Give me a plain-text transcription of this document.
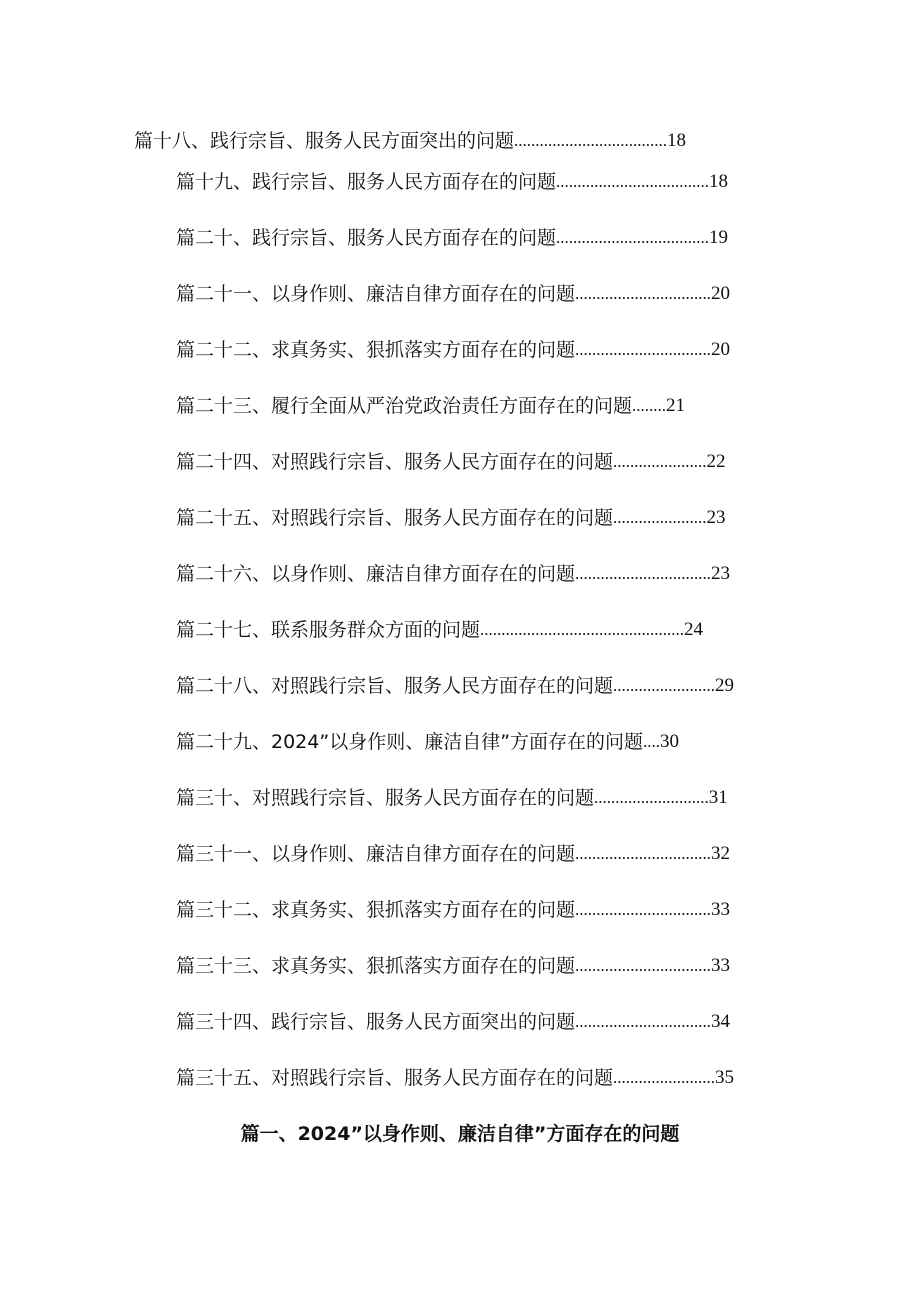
篇十八、践行宗旨、服务人民方面突出的问题....................................18
篇十九、践行宗旨、服务人民方面存在的问题....................................18
篇二十、践行宗旨、服务人民方面存在的问题....................................19
篇二十一、以身作则、廉洁自律方面存在的问题................................20
篇二十二、求真务实、狠抓落实方面存在的问题................................20
篇二十三、履行全面从严治党政治责任方面存在的问题........21
篇二十四、对照践行宗旨、服务人民方面存在的问题......................22
篇二十五、对照践行宗旨、服务人民方面存在的问题......................23
篇二十六、以身作则、廉洁自律方面存在的问题................................23
篇二十七、联系服务群众方面的问题................................................24
篇二十八、对照践行宗旨、服务人民方面存在的问题........................29
篇二十九、2024”以身作则、廉洁自律”方面存在的问题....30
篇三十、对照践行宗旨、服务人民方面存在的问题...........................31
篇三十一、以身作则、廉洁自律方面存在的问题................................32
篇三十二、求真务实、狠抓落实方面存在的问题................................33
篇三十三、求真务实、狠抓落实方面存在的问题................................33
篇三十四、践行宗旨、服务人民方面突出的问题................................34
篇三十五、对照践行宗旨、服务人民方面存在的问题........................35
篇一、2024”以身作则、廉洁自律”方面存在的问题
